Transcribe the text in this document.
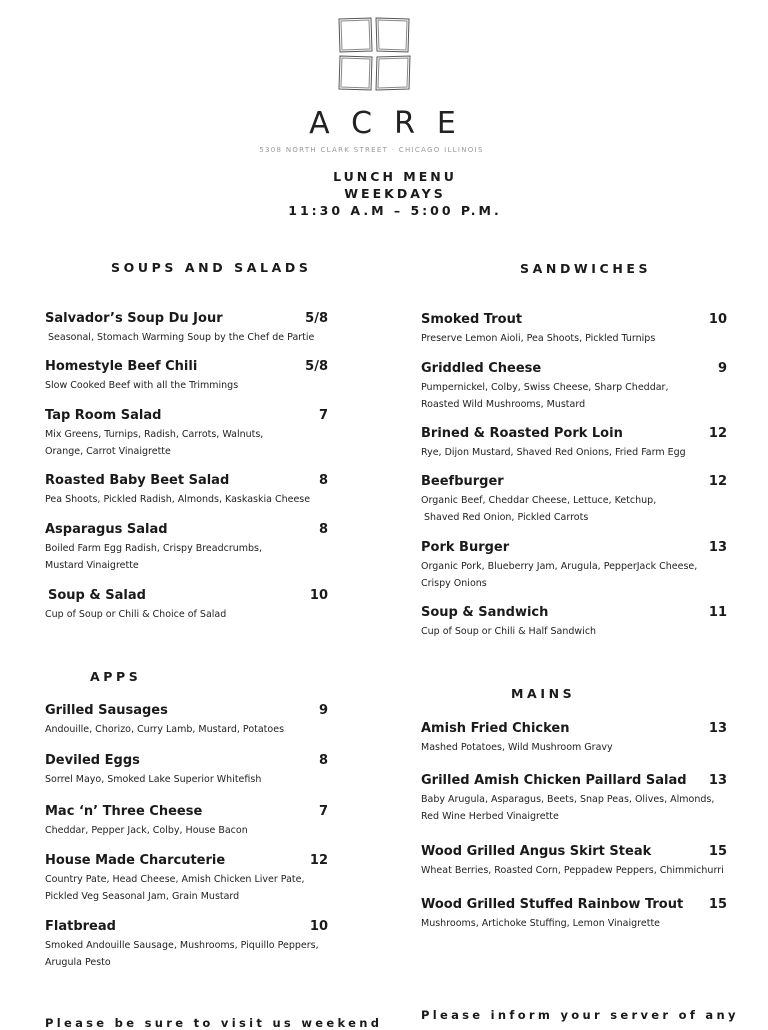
ACRE
5308 NORTH CLARK STREET · CHICAGO ILLINOIS
LUNCH MENU
WEEKDAYS
11:30 A.M – 5:00 P.M.
SOUPS AND SALADS	SANDWICHES
APPS
MAINS
Salvador’s Soup Du Jour	5/8
Seasonal, Stomach Warming Soup by the Chef de Partie
Homestyle Beef Chili	5/8
Slow Cooked Beef with all the Trimmings
Tap Room Salad	7
Mix Greens, Turnips, Radish, Carrots, Walnuts,
Orange, Carrot Vinaigrette
Roasted Baby Beet Salad	8
Pea Shoots, Pickled Radish, Almonds, Kaskaskia Cheese
Asparagus Salad	8
Boiled Farm Egg Radish, Crispy Breadcrumbs,
Mustard Vinaigrette
Soup & Salad	10
Cup of Soup or Chili & Choice of Salad
Grilled Sausages	9
Andouille, Chorizo, Curry Lamb, Mustard, Potatoes
Deviled Eggs	8
Sorrel Mayo, Smoked Lake Superior Whitefish
Mac ‘n’ Three Cheese	7
Cheddar, Pepper Jack, Colby, House Bacon
House Made Charcuterie	12
Country Pate, Head Cheese, Amish Chicken Liver Pate,
Pickled Veg Seasonal Jam, Grain Mustard
Flatbread	10
Smoked Andouille Sausage, Mushrooms, Piquillo Peppers,
Arugula Pesto
Smoked Trout	10
Preserve Lemon Aioli, Pea Shoots, Pickled Turnips
Griddled Cheese	9
Pumpernickel, Colby, Swiss Cheese, Sharp Cheddar,
Roasted Wild Mushrooms, Mustard
Brined & Roasted Pork Loin	12
Rye, Dijon Mustard, Shaved Red Onions, Fried Farm Egg
Beefburger	12
Organic Beef, Cheddar Cheese, Lettuce, Ketchup,
Shaved Red Onion, Pickled Carrots
Pork Burger	13
Organic Pork, Blueberry Jam, Arugula, PepperJack Cheese,
Crispy Onions
Soup & Sandwich	11
Cup of Soup or Chili & Half Sandwich
Amish Fried Chicken	13
Mashed Potatoes, Wild Mushroom Gravy
Grilled Amish Chicken Paillard Salad 13
Baby Arugula, Asparagus, Beets, Snap Peas, Olives, Almonds,
Red Wine Herbed Vinaigrette
Wood Grilled Angus Skirt Steak	15
Wheat Berries, Roasted Corn, Peppadew Peppers, Chimmichurri
Wood Grilled Stuffed Rainbow Trout 15
Mushrooms, Artichoke Stuffing, Lemon Vinaigrette
Please be sure to visit us weekend
Please inform your server of any
